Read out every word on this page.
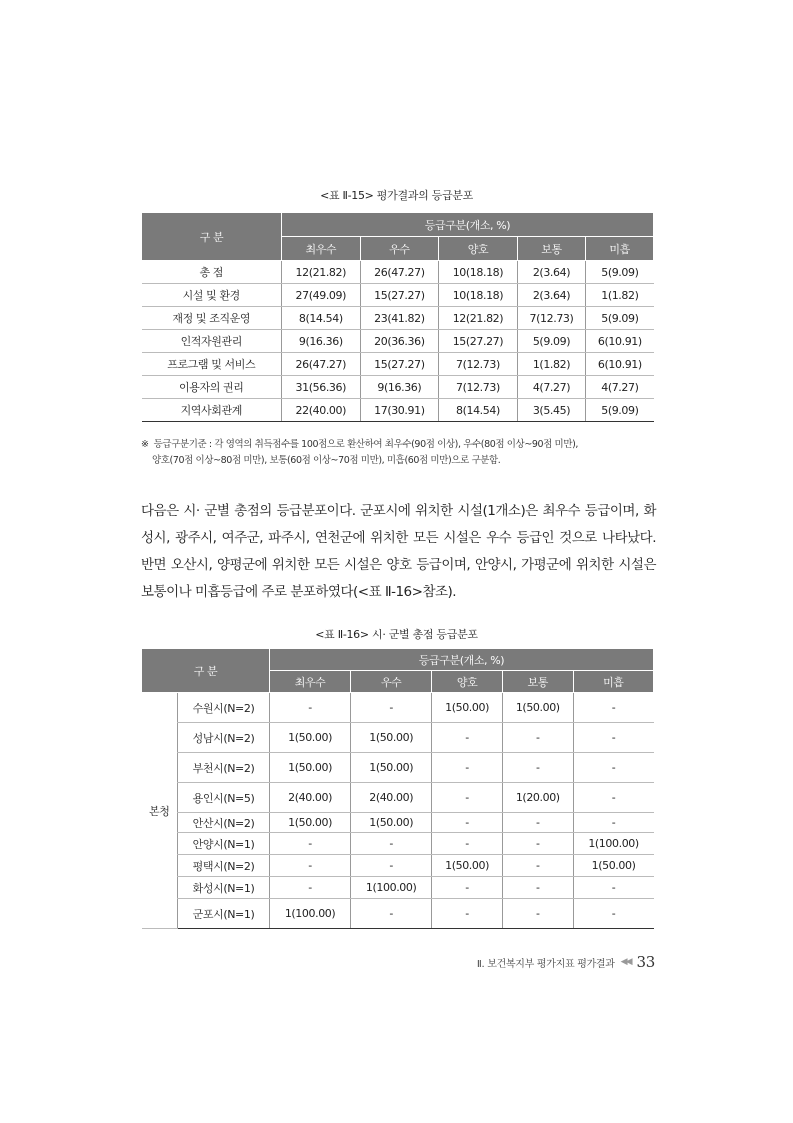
<표 Ⅱ-15> 평가결과의 등급분포
구 분	등급구분(개소, %)				
	최우수	우수	양호	보통	미흡
총 점	12(21.82)	26(47.27)	10(18.18)	2(3.64)	5(9.09)
시설 및 환경	27(49.09)	15(27.27)	10(18.18)	2(3.64)	1(1.82)
재정 및 조직운영	8(14.54)	23(41.82)	12(21.82)	7(12.73)	5(9.09)
인적자원관리	9(16.36)	20(36.36)	15(27.27)	5(9.09)	6(10.91)
프로그램 및 서비스	26(47.27)	15(27.27)	7(12.73)	1(1.82)	6(10.91)
이용자의 권리	31(56.36)	9(16.36)	7(12.73)	4(7.27)	4(7.27)
지역사회관계	22(40.00)	17(30.91)	8(14.54)	3(5.45)	5(9.09)
※ 등급구분기준 : 각 영역의 취득점수를 100점으로 환산하여 최우수(90점 이상), 우수(80점 이상~90점 미만),
양호(70점 이상~80점 미만), 보통(60점 이상~70점 미만), 미흡(60점 미만)으로 구분함.
다음은 시· 군별 총점의 등급분포이다. 군포시에 위치한 시설(1개소)은 최우수 등급이며, 화성시, 광주시, 여주군, 파주시, 연천군에 위치한 모든 시설은 우수 등급인 것으로 나타났다. 반면 오산시, 양평군에 위치한 모든 시설은 양호 등급이며, 안양시, 가평군에 위치한 시설은 보통이나 미흡등급에 주로 분포하였다(<표 Ⅱ-16>참조).
<표 Ⅱ-16> 시· 군별 총점 등급분포
구 분		등급구분(개소, %)				
		최우수	우수	양호	보통	미흡
본청	수원시(N=2)	-	-	1(50.00)	1(50.00)	-
	성남시(N=2)	1(50.00)	1(50.00)	-	-	-
	부천시(N=2)	1(50.00)	1(50.00)	-	-	-
	용인시(N=5)	2(40.00)	2(40.00)	-	1(20.00)	-
	안산시(N=2)	1(50.00)	1(50.00)	-	-	-
	안양시(N=1)	-	-	-	-	1(100.00)
	평택시(N=2)	-	-	1(50.00)	-	1(50.00)
	화성시(N=1)	-	1(100.00)	-	-	-
	군포시(N=1)	1(100.00)	-	-	-	-
Ⅱ. 보건복지부 평가지표 평가결과 ◀◀ 33
